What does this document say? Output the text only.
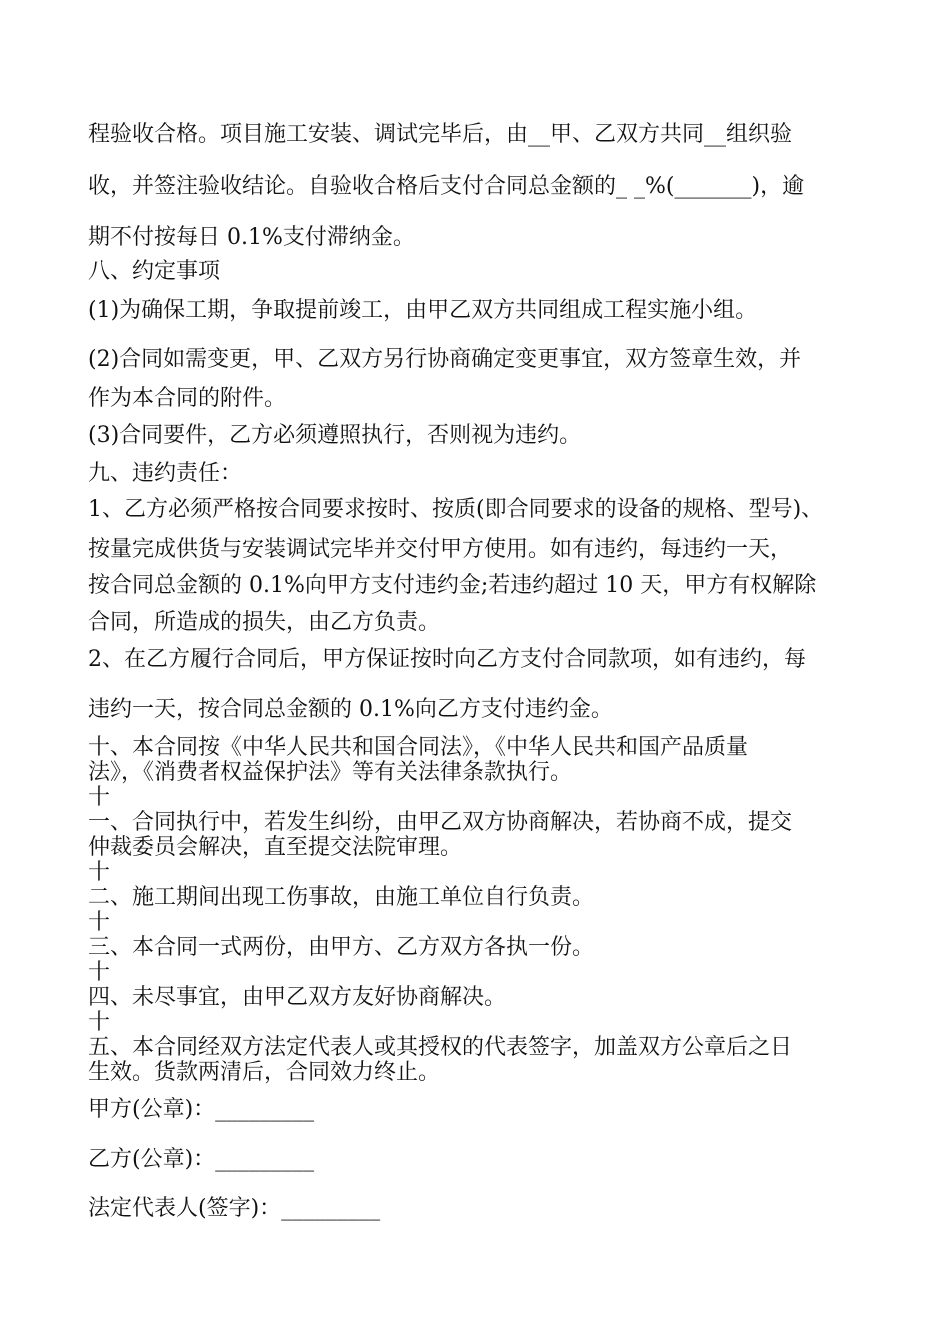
程验收合格。项目施工安装、调试完毕后，由__甲、乙双方共同__组织验
收，并签注验收结论。自验收合格后支付合同总金额的_ _%(_______)，逾
期不付按每日 0.1%支付滞纳金。
八、约定事项
(1)为确保工期，争取提前竣工，由甲乙双方共同组成工程实施小组。
(2)合同如需变更，甲、乙双方另行协商确定变更事宜，双方签章生效，并
作为本合同的附件。
(3)合同要件，乙方必须遵照执行，否则视为违约。
九、违约责任：
1、乙方必须严格按合同要求按时、按质(即合同要求的设备的规格、型号)、
按量完成供货与安装调试完毕并交付甲方使用。如有违约，每违约一天，
按合同总金额的 0.1%向甲方支付违约金;若违约超过 10 天，甲方有权解除
合同，所造成的损失，由乙方负责。
2、在乙方履行合同后，甲方保证按时向乙方支付合同款项，如有违约，每
违约一天，按合同总金额的 0.1%向乙方支付违约金。
十、本合同按《中华人民共和国合同法》，《中华人民共和国产品质量
法》，《消费者权益保护法》等有关法律条款执行。
十
一、合同执行中，若发生纠纷，由甲乙双方协商解决，若协商不成，提交
仲裁委员会解决，直至提交法院审理。
十
二、施工期间出现工伤事故，由施工单位自行负责。
十
三、本合同一式两份，由甲方、乙方双方各执一份。
十
四、未尽事宜，由甲乙双方友好协商解决。
十
五、本合同经双方法定代表人或其授权的代表签字，加盖双方公章后之日
生效。货款两清后，合同效力终止。
甲方(公章)：_________
乙方(公章)：_________
法定代表人(签字)：_________
